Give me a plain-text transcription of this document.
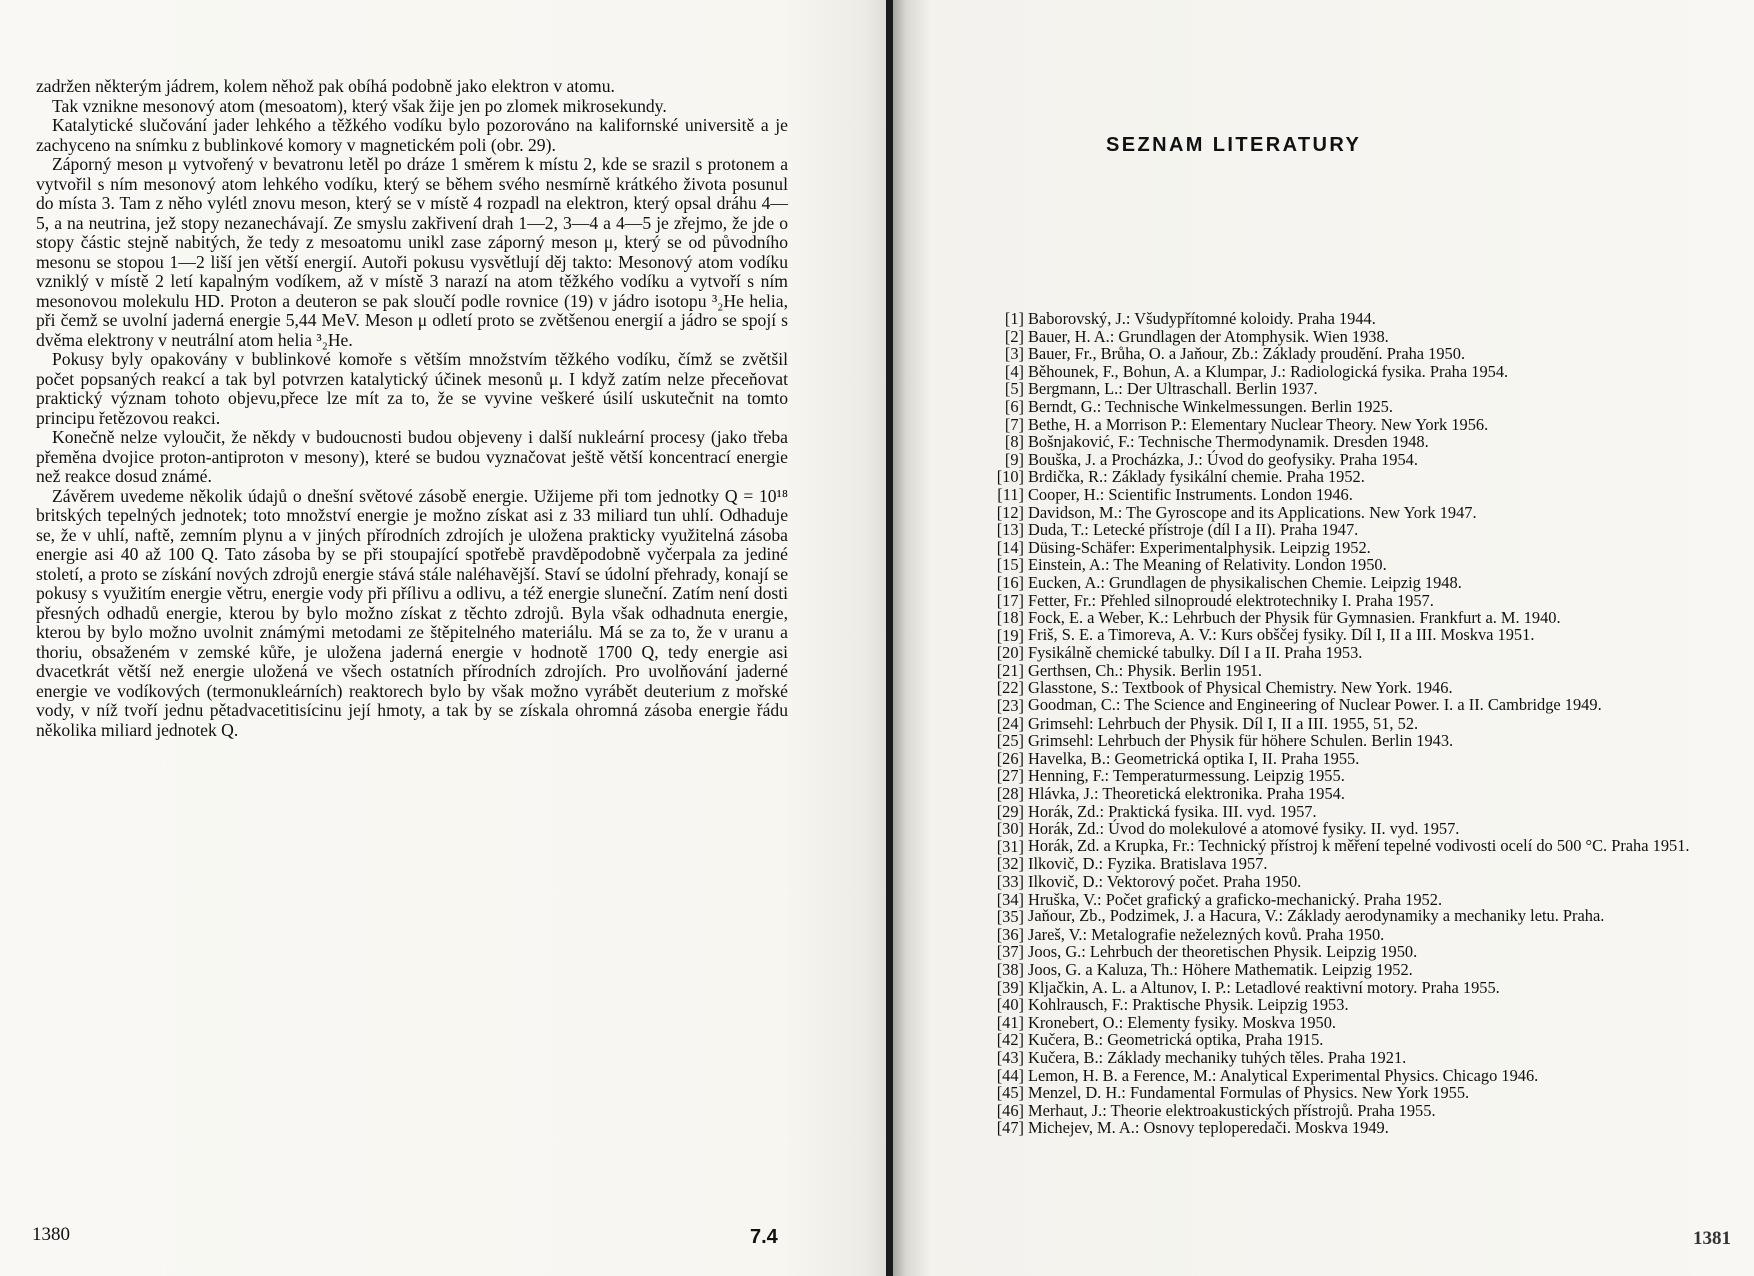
zadržen některým jádrem, kolem něhož pak obíhá podobně jako elektron v atomu.

Tak vznikne mesonový atom (mesoatom), který však žije jen po zlomek mikrosekundy.

Katalytické slučování jader lehkého a těžkého vodíku bylo pozorováno na kalifornské universitě a je zachyceno na snímku z bublinkové komory v magnetickém poli (obr. 29).

Záporný meson μ vytvořený v bevatronu letěl po dráze 1 směrem k místu 2, kde se srazil s protonem a vytvořil s ním mesonový atom lehkého vodíku, který se během svého nesmírně krátkého života posunul do místa 3. Tam z něho vylétl znovu meson, který se v místě 4 rozpadl na elektron, který opsal dráhu 4—5, a na neutrina, jež stopy nezanechávají. Ze smyslu zakřivení drah 1—2, 3—4 a 4—5 je zřejmo, že jde o stopy částic stejně nabitých, že tedy z mesoatomu unikl zase záporný meson μ, který se od původního mesonu se stopou 1—2 liší jen větší energií. Autoři pokusu vysvětlují děj takto: Mesonový atom vodíku vzniklý v místě 2 letí kapalným vodíkem, až v místě 3 narazí na atom těžkého vodíku a vytvoří s ním mesonovou molekulu HD. Proton a deuteron se pak sloučí podle rovnice (19) v jádro isotopu ³₂He helia, při čemž se uvolní jaderná energie 5,44 MeV. Meson μ odletí proto se zvětšenou energií a jádro se spojí s dvěma elektrony v neutrální atom helia ³₂He.

Pokusy byly opakovány v bublinkové komoře s větším množstvím těžkého vodíku, čímž se zvětšil počet popsaných reakcí a tak byl potvrzen katalytický účinek mesonů μ. I když zatím nelze přeceňovat praktický význam tohoto objevu,přece lze mít za to, že se vyvine veškeré úsilí uskutečnit na tomto principu řetězovou reakci.

Konečně nelze vyloučit, že někdy v budoucnosti budou objeveny i další nukleární procesy (jako třeba přeměna dvojice proton-antiproton v mesony), které se budou vyznačovat ještě větší koncentrací energie než reakce dosud známé.

Závěrem uvedeme několik údajů o dnešní světové zásobě energie. Užijeme při tom jednotky Q = 10¹⁸ britských tepelných jednotek; toto množství energie je možno získat asi z 33 miliard tun uhlí. Odhaduje se, že v uhlí, naftě, zemním plynu a v jiných přírodních zdrojích je uložena prakticky využitelná zásoba energie asi 40 až 100 Q. Tato zásoba by se při stoupající spotřebě pravděpodobně vyčerpala za jediné století, a proto se získání nových zdrojů energie stává stále naléhavější. Staví se údolní přehrady, konají se pokusy s využitím energie větru, energie vody při přílivu a odlivu, a též energie sluneční. Zatím není dosti přesných odhadů energie, kterou by bylo možno získat z těchto zdrojů. Byla však odhadnuta energie, kterou by bylo možno uvolnit známými metodami ze štěpitelného materiálu. Má se za to, že v uranu a thoriu, obsaženém v zemské kůře, je uložena jaderná energie v hodnotě 1700 Q, tedy energie asi dvacetkrát větší než energie uložená ve všech ostatních přírodních zdrojích. Pro uvolňování jaderné energie ve vodíkových (termonukleárních) reaktorech bylo by však možno vyrábět deuterium z mořské vody, v níž tvoří jednu pětadvacetitisícinu její hmoty, a tak by se získala ohromná zásoba energie řádu několika miliard jednotek Q.

1380	7.4
SEZNAM LITERATURY
[1] Baborovský, J.: Všudypřítomné koloidy. Praha 1944.
[2] Bauer, H. A.: Grundlagen der Atomphysik. Wien 1938.
[3] Bauer, Fr., Brůha, O. a Jaňour, Zb.: Základy proudění. Praha 1950.
[4] Běhounek, F., Bohun, A. a Klumpar, J.: Radiologická fysika. Praha 1954.
[5] Bergmann, L.: Der Ultraschall. Berlin 1937.
[6] Berndt, G.: Technische Winkelmessungen. Berlin 1925.
[7] Bethe, H. a Morrison P.: Elementary Nuclear Theory. New York 1956.
[8] Bošnjaković, F.: Technische Thermodynamik. Dresden 1948.
[9] Bouška, J. a Procházka, J.: Úvod do geofysiky. Praha 1954.
[10] Brdička, R.: Základy fysikální chemie. Praha 1952.
[11] Cooper, H.: Scientific Instruments. London 1946.
[12] Davidson, M.: The Gyroscope and its Applications. New York 1947.
[13] Duda, T.: Letecké přístroje (díl I a II). Praha 1947.
[14] Düsing-Schäfer: Experimentalphysik. Leipzig 1952.
[15] Einstein, A.: The Meaning of Relativity. London 1950.
[16] Eucken, A.: Grundlagen de physikalischen Chemie. Leipzig 1948.
[17] Fetter, Fr.: Přehled silnoproudé elektrotechniky I. Praha 1957.
[18] Fock, E. a Weber, K.: Lehrbuch der Physik für Gymnasien. Frankfurt a. M. 1940.
[19] Friš, S. E. a Timoreva, A. V.: Kurs obščej fysiky. Díl I, II a III. Moskva 1951.
[20] Fysikálně chemické tabulky. Díl I a II. Praha 1953.
[21] Gerthsen, Ch.: Physik. Berlin 1951.
[22] Glasstone, S.: Textbook of Physical Chemistry. New York. 1946.
[23] Goodman, C.: The Science and Engineering of Nuclear Power. I. a II. Cambridge 1949.
[24] Grimsehl: Lehrbuch der Physik. Díl I, II a III. 1955, 51, 52.
[25] Grimsehl: Lehrbuch der Physik für höhere Schulen. Berlin 1943.
[26] Havelka, B.: Geometrická optika I, II. Praha 1955.
[27] Henning, F.: Temperaturmessung. Leipzig 1955.
[28] Hlávka, J.: Theoretická elektronika. Praha 1954.
[29] Horák, Zd.: Praktická fysika. III. vyd. 1957.
[30] Horák, Zd.: Úvod do molekulové a atomové fysiky. II. vyd. 1957.
[31] Horák, Zd. a Krupka, Fr.: Technický přístroj k měření tepelné vodivosti ocelí do 500 °C. Praha 1951.
[32] Ilkovič, D.: Fyzika. Bratislava 1957.
[33] Ilkovič, D.: Vektorový počet. Praha 1950.
[34] Hruška, V.: Počet grafický a graficko-mechanický. Praha 1952.
[35] Jaňour, Zb., Podzimek, J. a Hacura, V.: Základy aerodynamiky a mechaniky letu. Praha.
[36] Jareš, V.: Metalografie neželezných kovů. Praha 1950.
[37] Joos, G.: Lehrbuch der theoretischen Physik. Leipzig 1950.
[38] Joos, G. a Kaluza, Th.: Höhere Mathematik. Leipzig 1952.
[39] Kljačkin, A. L. a Altunov, I. P.: Letadlové reaktivní motory. Praha 1955.
[40] Kohlrausch, F.: Praktische Physik. Leipzig 1953.
[41] Kronebert, O.: Elementy fysiky. Moskva 1950.
[42] Kučera, B.: Geometrická optika, Praha 1915.
[43] Kučera, B.: Základy mechaniky tuhých těles. Praha 1921.
[44] Lemon, H. B. a Ference, M.: Analytical Experimental Physics. Chicago 1946.
[45] Menzel, D. H.: Fundamental Formulas of Physics. New York 1955.
[46] Merhaut, J.: Theorie elektroakustických přístrojů. Praha 1955.
[47] Michejev, M. A.: Osnovy teploperedači. Moskva 1949.
1381
